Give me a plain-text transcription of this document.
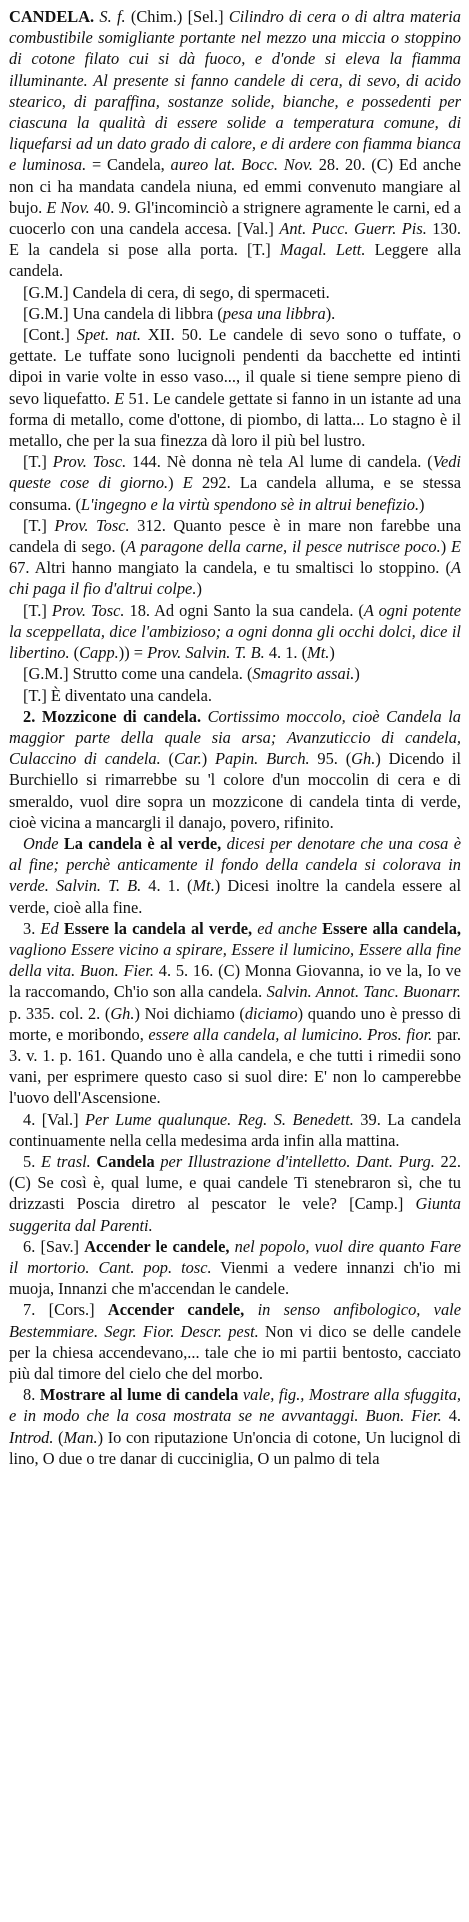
CANDELA. S. f. (Chim.) [Sel.] Cilindro di cera o di altra materia combustibile somigliante portante nel mezzo una miccia o stoppino di cotone filato cui si dà fuoco, e d'onde si eleva la fiamma illuminante. Al presente si fanno candele di cera, di sevo, di acido stearico, di paraffina, sostanze solide, bianche, e possedenti per ciascuna la qualità di essere solide a temperatura comune, di liquefarsi ad un dato grado di calore, e di ardere con fiamma bianca e luminosa. = Candela, aureo lat. Bocc. Nov. 28. 20. (C) Ed anche non ci ha mandata candela niuna, ed emmi convenuto mangiare al bujo. E Nov. 40. 9. Gl'incominciò a strignere agramente le carni, ed a cuocerlo con una candela accesa. [Val.] Ant. Pucc. Guerr. Pis. 130. E la candela si pose alla porta. [T.] Magal. Lett. Leggere alla candela.

[G.M.] Candela di cera, di sego, di spermaceti.

[G.M.] Una candela di libbra (pesa una libbra).

[Cont.] Spet. nat. XII. 50. Le candele di sevo sono o tuffate, o gettate. Le tuffate sono lucignoli pendenti da bacchette ed intinti dipoi in varie volte in esso vaso..., il quale si tiene sempre pieno di sevo liquefatto. E 51. Le candele gettate si fanno in un istante ad una forma di metallo, come d'ottone, di piombo, di latta... Lo stagno è il metallo, che per la sua finezza dà loro il più bel lustro.

[T.] Prov. Tosc. 144. Nè donna nè tela Al lume di candela. (Vedi queste cose di giorno.) E 292. La candela alluma, e se stessa consuma. (L'ingegno e la virtù spendono sè in altrui benefizio.)

[T.] Prov. Tosc. 312. Quanto pesce è in mare non farebbe una candela di sego. (A paragone della carne, il pesce nutrisce poco.) E 67. Altri hanno mangiato la candela, e tu smaltisci lo stoppino. (A chi paga il fio d'altrui colpe.)

[T.] Prov. Tosc. 18. Ad ogni Santo la sua candela. (A ogni potente la sceppellata, dice l'ambizioso; a ogni donna gli occhi dolci, dice il libertino. (Capp.)) = Prov. Salvin. T. B. 4. 1. (Mt.)

[G.M.] Strutto come una candela. (Smagrito assai.)

[T.] È diventato una candela.

2. Mozzicone di candela. Cortissimo moccolo, cioè Candela la maggior parte della quale sia arsa; Avanzuticcio di candela, Culaccino di candela. (Car.) Papin. Burch. 95. (Gh.) Dicendo il Burchiello si rimarrebbe su 'l colore d'un moccolin di cera e di smeraldo, vuol dire sopra un mozzicone di candela tinta di verde, cioè vicina a mancargli il danajo, povero, rifinito.

Onde La candela è al verde, dicesi per denotare che una cosa è al fine; perchè anticamente il fondo della candela si colorava in verde. Salvin. T. B. 4. 1. (Mt.) Dicesi inoltre la candela essere al verde, cioè alla fine.

3. Ed Essere la candela al verde, ed anche Essere alla candela, vagliono Essere vicino a spirare, Essere il lumicino, Essere alla fine della vita. Buon. Fier. 4. 5. 16. (C) Monna Giovanna, io ve la, Io ve la raccomando, Ch'io son alla candela. Salvin. Annot. Tanc. Buonarr. p. 335. col. 2. (Gh.) Noi dichiamo (diciamo) quando uno è presso di morte, e moribondo, essere alla candela, al lumicino. Pros. fior. par. 3. v. 1. p. 161. Quando uno è alla candela, e che tutti i rimedii sono vani, per esprimere questo caso si suol dire: E' non lo camperebbe l'uovo dell'Ascensione.

4. [Val.] Per Lume qualunque. Reg. S. Benedett. 39. La candela continuamente nella cella medesima arda infin alla mattina.

5. E trasl. Candela per Illustrazione d'intelletto. Dant. Purg. 22. (C) Se così è, qual lume, e quai candele Ti stenebraron sì, che tu drizzasti Poscia diretro al pescator le vele? [Camp.] Giunta suggerita dal Parenti.

6. [Sav.] Accender le candele, nel popolo, vuol dire quanto Fare il mortorio. Cant. pop. tosc. Vienmi a vedere innanzi ch'io mi muoja, Innanzi che m'accendan le candele.

7. [Cors.] Accender candele, in senso anfibologico, vale Bestemmiare. Segr. Fior. Descr. pest. Non vi dico se delle candele per la chiesa accendevano,... tale che io mi partii bentosto, cacciato più dal timore del cielo che del morbo.

8. Mostrare al lume di candela vale, fig., Mostrare alla sfuggita, e in modo che la cosa mostrata se ne avvantaggi. Buon. Fier. 4. Introd. (Man.) Io con riputazione Un'oncia di cotone, Un lucignol di lino, O due o tre danar di cucciniglia, O un palmo di tela
